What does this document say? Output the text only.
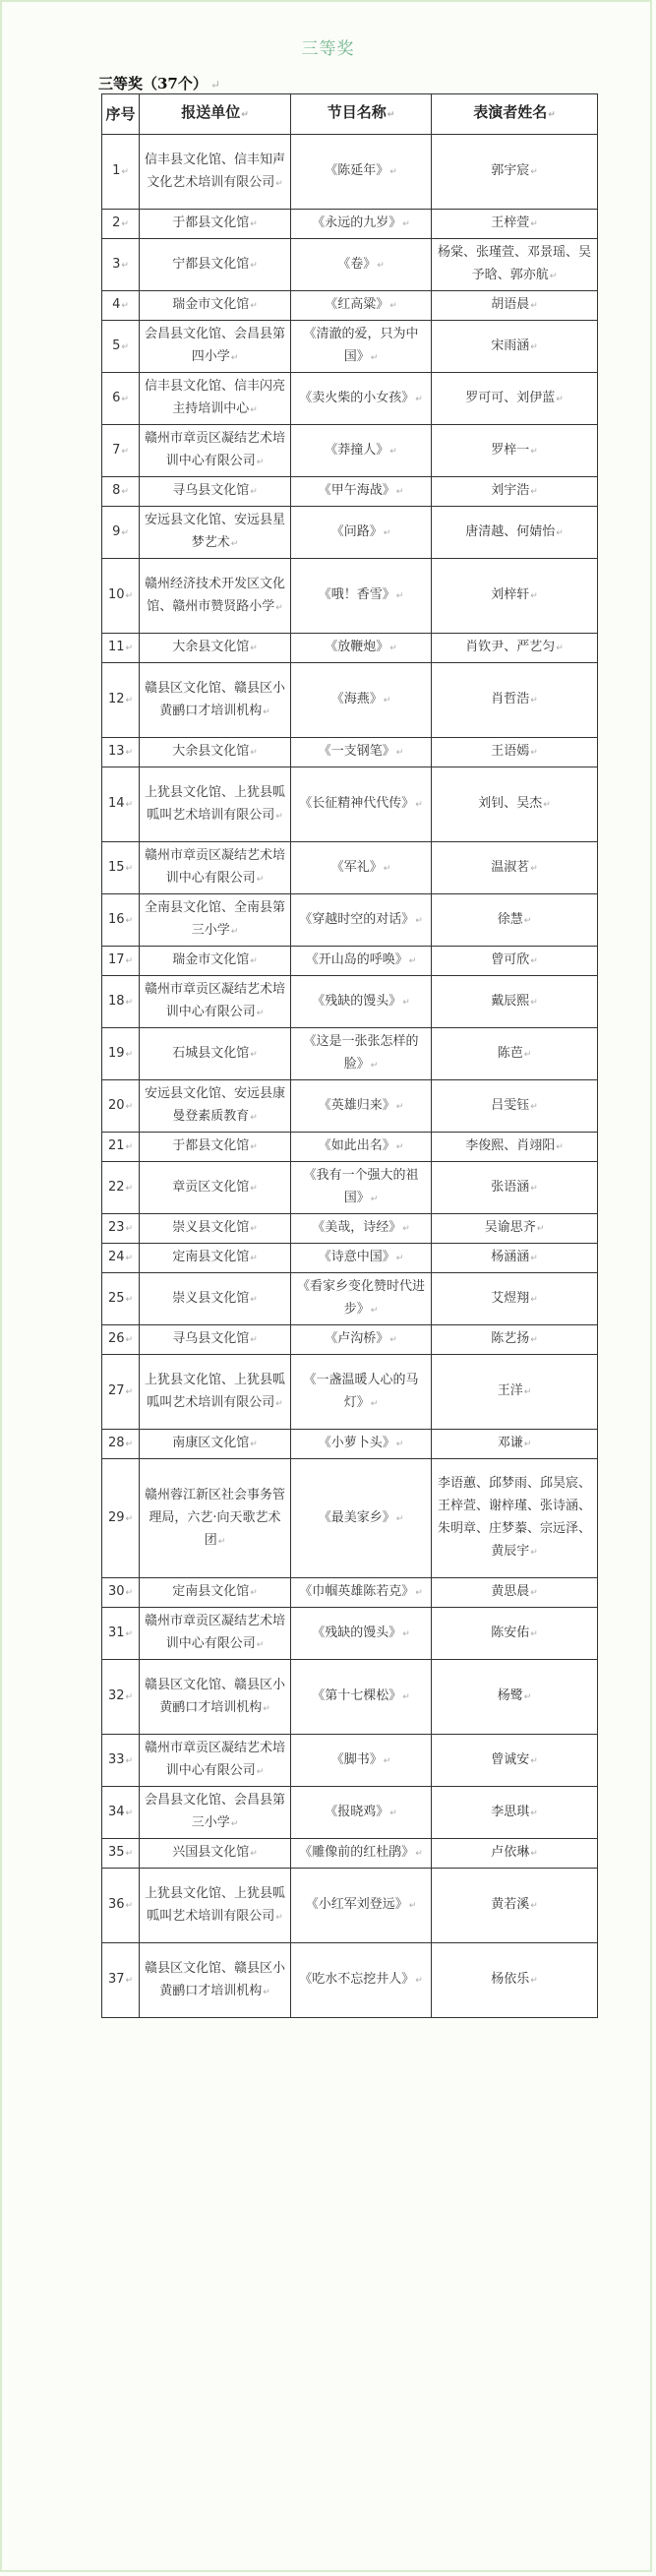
三等奖
三等奖（37个） ↵
序号	报送单位↵	节目名称↵	表演者姓名↵
1↵	信丰县文化馆、信丰知声文化艺术培训有限公司↵	《陈延年》↵	郭宇宸↵
2↵	于都县文化馆↵	《永远的九岁》↵	王梓萱↵
3↵	宁都县文化馆↵	《卷》↵	杨棠、张瑾萱、邓景瑶、吴予晗、郭亦航↵
4↵	瑞金市文化馆↵	《红高粱》↵	胡语晨↵
5↵	会昌县文化馆、会昌县第四小学↵	《清澈的爱，只为中国》↵	宋雨涵↵
6↵	信丰县文化馆、信丰闪亮主持培训中心↵	《卖火柴的小女孩》↵	罗可可、刘伊蓝↵
7↵	赣州市章贡区凝结艺术培训中心有限公司↵	《莽撞人》↵	罗梓一↵
8↵	寻乌县文化馆↵	《甲午海战》↵	刘宇浩↵
9↵	安远县文化馆、安远县星梦艺术↵	《问路》↵	唐清越、何婧怡↵
10↵	赣州经济技术开发区文化馆、赣州市赞贤路小学↵	《哦！香雪》↵	刘梓轩↵
11↵	大余县文化馆↵	《放鞭炮》↵	肖钦尹、严艺匀↵
12↵	赣县区文化馆、赣县区小黄鹂口才培训机构↵	《海燕》↵	肖哲浩↵
13↵	大余县文化馆↵	《一支钢笔》↵	王语嫣↵
14↵	上犹县文化馆、上犹县呱呱叫艺术培训有限公司↵	《长征精神代代传》↵	刘钊、吴杰↵
15↵	赣州市章贡区凝结艺术培训中心有限公司↵	《军礼》↵	温淑茗↵
16↵	全南县文化馆、全南县第三小学↵	《穿越时空的对话》↵	徐慧↵
17↵	瑞金市文化馆↵	《开山岛的呼唤》↵	曾可欣↵
18↵	赣州市章贡区凝结艺术培训中心有限公司↵	《残缺的馒头》↵	戴辰熙↵
19↵	石城县文化馆↵	《这是一张张怎样的脸》↵	陈芭↵
20↵	安远县文化馆、安远县康曼登素质教育↵	《英雄归来》↵	吕雯钰↵
21↵	于都县文化馆↵	《如此出名》↵	李俊熙、肖翊阳↵
22↵	章贡区文化馆↵	《我有一个强大的祖国》↵	张语涵↵
23↵	崇义县文化馆↵	《美哉，诗经》↵	吴谕思齐↵
24↵	定南县文化馆↵	《诗意中国》↵	杨涵涵↵
25↵	崇义县文化馆↵	《看家乡变化赞时代进步》↵	艾煜翔↵
26↵	寻乌县文化馆↵	《卢沟桥》↵	陈艺扬↵
27↵	上犹县文化馆、上犹县呱呱叫艺术培训有限公司↵	《一盏温暖人心的马灯》↵	王洋↵
28↵	南康区文化馆↵	《小萝卜头》↵	邓谦↵
29↵	赣州蓉江新区社会事务管理局，六艺·向天歌艺术团↵	《最美家乡》↵	李语蕙、邱梦雨、邱昊宸、王梓萱、谢梓瑾、张诗涵、朱明章、庄梦蓁、宗远泽、黄辰宇↵
30↵	定南县文化馆↵	《巾帼英雄陈若克》↵	黄思晨↵
31↵	赣州市章贡区凝结艺术培训中心有限公司↵	《残缺的馒头》↵	陈安佑↵
32↵	赣县区文化馆、赣县区小黄鹂口才培训机构↵	《第十七棵松》↵	杨鹭↵
33↵	赣州市章贡区凝结艺术培训中心有限公司↵	《脚书》↵	曾诚安↵
34↵	会昌县文化馆、会昌县第三小学↵	《报晓鸡》↵	李思琪↵
35↵	兴国县文化馆↵	《雕像前的红杜鹃》↵	卢依琳↵
36↵	上犹县文化馆、上犹县呱呱叫艺术培训有限公司↵	《小红军刘登远》↵	黄若溪↵
37↵	赣县区文化馆、赣县区小黄鹂口才培训机构↵	《吃水不忘挖井人》↵	杨依乐↵
